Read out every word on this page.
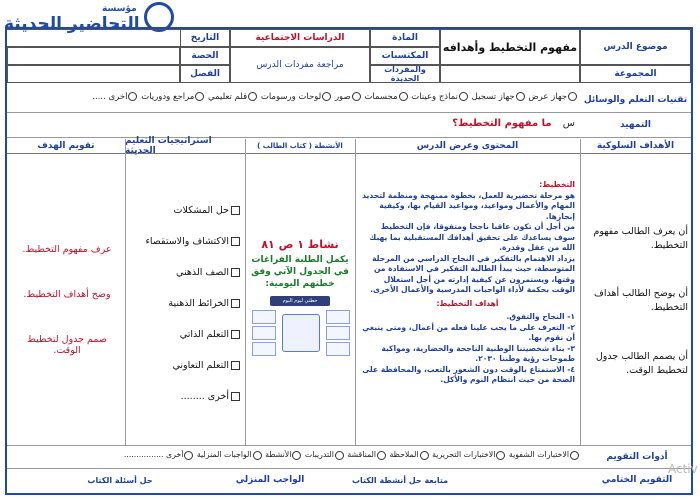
مؤسسة
التحاضير الحديثة
موضوع الدرس
مفهوم التخطيط وأهدافه
المادة
الدراسات الاجتماعية
التاريخ
المكتسبات
مراجعة مفردات الدرس
الحصة
المجموعة
والمفردات الجديدة
الفصل
تقنيات التعلم والوسائل
جهاز عرض جهاز تسجيل نماذج وعينات مجسمات صور لوحات ورسومات فلم تعليمي مراجع ودوريات أخرى .....
التمهيد
س ما مفهوم التخطيط؟
الأهداف السلوكية
المحتوى وعرض الدرس
الأنشطة ( كتاب الطالب )
استراتيجيات التعليم الحديثة
تقويم الهدف
أن يعرف الطالب مفهوم التخطيط.
أن يوضح الطالب أهداف التخطيط.
أن يصمم الطالب جدول لتخطيط الوقت.
التخطيط:
هو مرحلة تحضيرية للعمل، بخطوة ممنهجة ومنظمة لتحديد المهام والأعمال ومواعيد، ومواعيد القيام بها، وكيفية إنجازها.
من أجل أن تكون عاقبا ناجحا ومتفوقا، فإن التخطيط سوف يساعدك على تحقيق أهدافك المستقبلية بما يهبك الله من عقل وقدرة.
يزداد الاهتمام بالتفكير في النجاح الدراسي من المرحلة المتوسطة، حيث يبدأ الطالبة التفكير في الاستفادة من وقتها، ويستمرون عن كيفية إدارته من أجل استغلال الوقت بحكمة لأداء الواجبات المدرسية والأعمال الأخرى.
أهداف التخطيط:
١- النجاح والتفوق.
٢- التعرف على ما يجب علينا فعله من أعمال، ومتى ينبغي أن نقوم بها.
٣- بناء شخصيتنا الوطنية الناجحة والحضارية، ومواكبة طموحات رؤية وطننا ٢٠٣٠.
٤- الاستمتاع بالوقت دون الشعور بالتعب، والمحافظة على الصحة من حيث انتظام النوم والأكل.
نشاط ١ ص ٨١
يكمل الطلبة الفراغات في الجدول الآتي وفق خطتهم اليومية:
خطتي ليوم اليوم
حل المشكلات
الاكتشاف والاستقصاء
الصف الذهني
الخرائط الذهنية
التعلم الذاتي
التعلم التعاوني
أخرى ........
عرف مفهوم التخطيط.
وضح أهداف التخطيط.
صمم جدول لتخطيط الوقت.
أدوات التقويم
الاختبارات الشفوية الاختبارات التحريرية الملاحظة المناقشة التدريبات الأنشطة الواجبات المنزلية أخرى ................
التقويم الختامي
متابعة حل أنشطة الكتاب
الواجب المنزلي
حل أسئلة الكتاب
Activ
